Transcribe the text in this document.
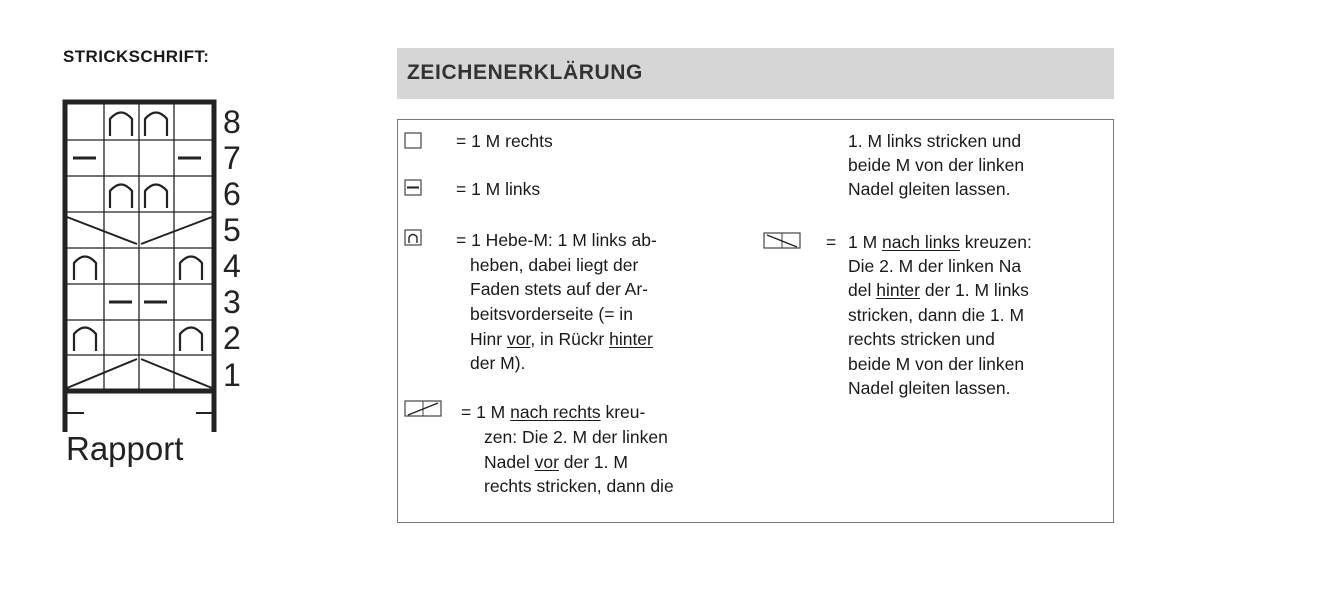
STRICKSCHRIFT:
8
7
6
5
4
3
2
1
Rapport
ZEICHENERKLÄRUNG
= 1 M rechts
= 1 M links
= 1 Hebe-M: 1 M links ab-
heben, dabei liegt der
Faden stets auf der Ar-
beitsvorderseite (= in
Hinr vor, in Rückr hinter
der M).
= 1 M nach rechts kreu-
zen: Die 2. M der linken
Nadel vor der 1. M
rechts stricken, dann die
1. M links stricken und
beide M von der linken
Nadel gleiten lassen.
= 1 M nach links kreuzen:
Die 2. M der linken Na
del hinter der 1. M links
stricken, dann die 1. M
rechts stricken und
beide M von der linken
Nadel gleiten lassen.
